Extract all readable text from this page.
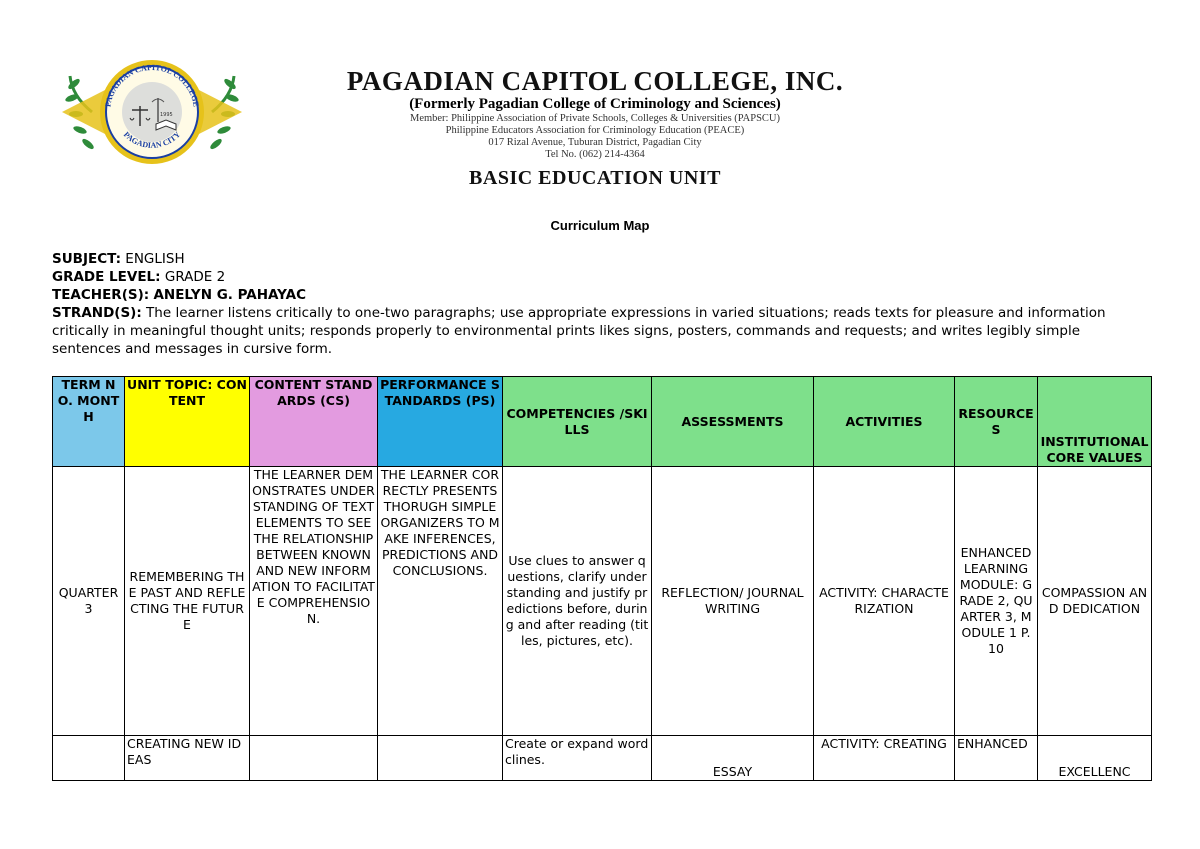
PAGADIAN CAPITOL COLLEGE
PAGADIAN CITY
1995
PAGADIAN CAPITOL COLLEGE, INC.
(Formerly Pagadian College of Criminology and Sciences)
Member: Philippine Association of Private Schools, Colleges & Universities (PAPSCU)
Philippine Educators Association for Criminology Education (PEACE)
017 Rizal Avenue, Tuburan District, Pagadian City
Tel No. (062) 214-4364
BASIC EDUCATION UNIT
Curriculum Map
SUBJECT: ENGLISH
GRADE LEVEL: GRADE 2
TEACHER(S): ANELYN G. PAHAYAC
STRAND(S): The learner listens critically to one-two paragraphs; use appropriate expressions in varied situations; reads texts for pleasure and information critically in meaningful thought units; responds properly to environmental prints likes signs, posters, commands and requests; and writes legibly simple sentences and messages in cursive form.
TERM NO. MONTH	UNIT TOPIC: CONTENT	CONTENT STANDARDS (CS)	PERFORMANCE STANDARDS (PS)	COMPETENCIES /SKILLS	ASSESSMENTS	ACTIVITIES	RESOURCES	INSTITUTIONAL CORE VALUES
QUARTER 3	REMEMBERING THE PAST AND REFLECTING THE FUTURE	THE LEARNER DEMONSTRATES UNDERSTANDING OF TEXT ELEMENTS TO SEE THE RELATIONSHIP BETWEEN KNOWN AND NEW INFORMATION TO FACILITATE COMPREHENSION.	THE LEARNER CORRECTLY PRESENTS THORUGH SIMPLE ORGANIZERS TO MAKE INFERENCES, PREDICTIONS AND CONCLUSIONS.	Use clues to answer questions, clarify understanding and justify predictions before, during and after reading (titles, pictures, etc).	REFLECTION/ JOURNAL WRITING	ACTIVITY: CHARACTERIZATION	ENHANCED LEARNING MODULE: GRADE 2, QUARTER 3, MODULE 1 P. 10	COMPASSION AND DEDICATION
	CREATING NEW IDEAS			Create or expand word clines.	ESSAY	ACTIVITY: CREATING	ENHANCED	EXCELLENC
